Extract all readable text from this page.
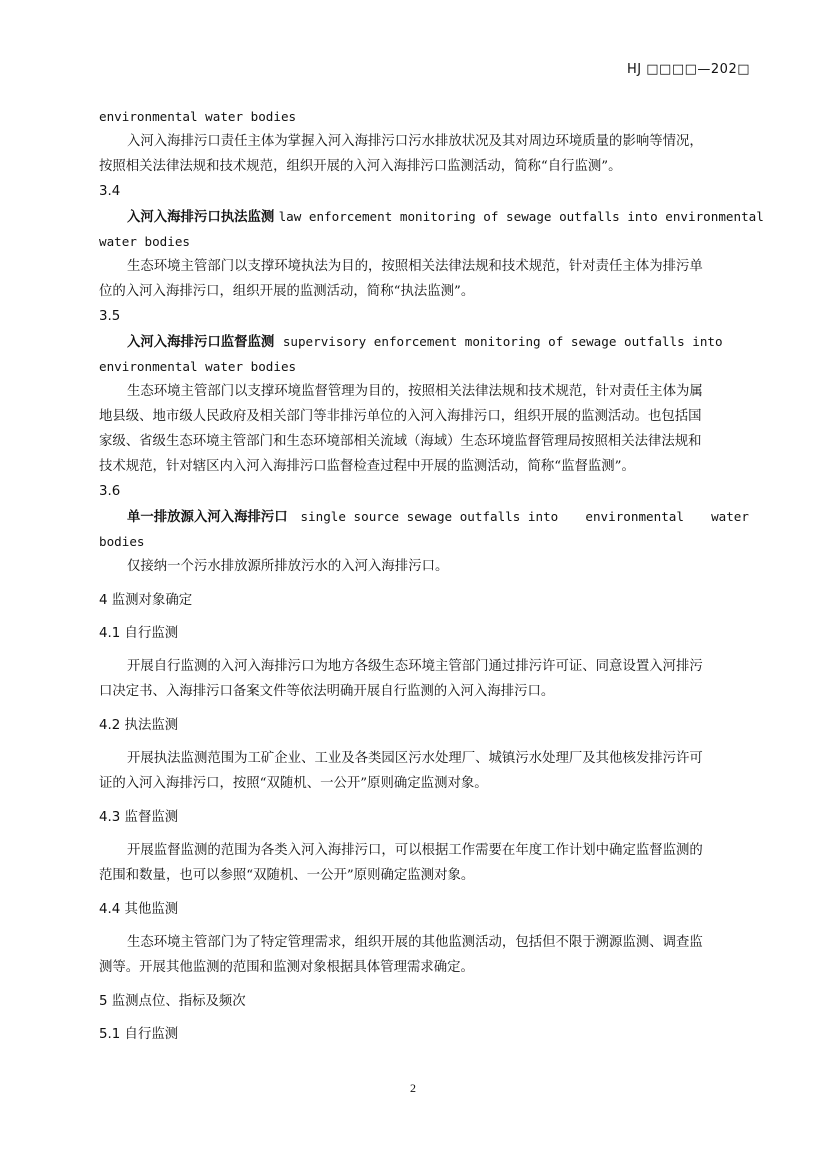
HJ □□□□—202□
environmental water bodies
入河入海排污口责任主体为掌握入河入海排污口污水排放状况及其对周边环境质量的影响等情况，
按照相关法律法规和技术规范，组织开展的入河入海排污口监测活动，简称“自行监测”。
3.4
入河入海排污口执法监测 law enforcement monitoring of sewage outfalls into environmental
water bodies
生态环境主管部门以支撑环境执法为目的，按照相关法律法规和技术规范，针对责任主体为排污单
位的入河入海排污口，组织开展的监测活动，简称“执法监测”。
3.5
入河入海排污口监督监测 supervisory enforcement monitoring of sewage outfalls into
environmental water bodies
生态环境主管部门以支撑环境监督管理为目的，按照相关法律法规和技术规范，针对责任主体为属
地县级、地市级人民政府及相关部门等非排污单位的入河入海排污口，组织开展的监测活动。也包括国
家级、省级生态环境主管部门和生态环境部相关流域（海域）生态环境监督管理局按照相关法律法规和
技术规范，针对辖区内入河入海排污口监督检查过程中开展的监测活动，简称“监督监测”。
3.6
单一排放源入河入海排污口 single source sewage outfalls into environmental water
bodies
仅接纳一个污水排放源所排放污水的入河入海排污口。
4 监测对象确定
4.1 自行监测
开展自行监测的入河入海排污口为地方各级生态环境主管部门通过排污许可证、同意设置入河排污
口决定书、入海排污口备案文件等依法明确开展自行监测的入河入海排污口。
4.2 执法监测
开展执法监测范围为工矿企业、工业及各类园区污水处理厂、城镇污水处理厂及其他核发排污许可
证的入河入海排污口，按照“双随机、一公开”原则确定监测对象。
4.3 监督监测
开展监督监测的范围为各类入河入海排污口，可以根据工作需要在年度工作计划中确定监督监测的
范围和数量，也可以参照“双随机、一公开”原则确定监测对象。
4.4 其他监测
生态环境主管部门为了特定管理需求，组织开展的其他监测活动，包括但不限于溯源监测、调查监
测等。开展其他监测的范围和监测对象根据具体管理需求确定。
5 监测点位、指标及频次
5.1 自行监测
2
